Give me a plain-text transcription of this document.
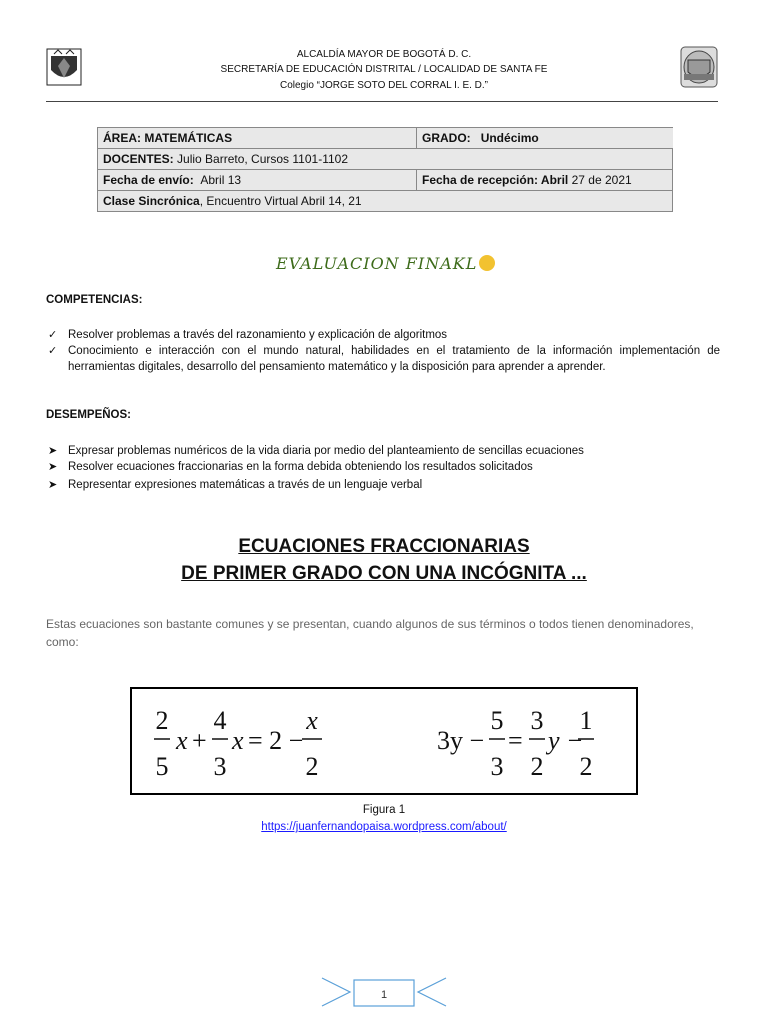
ALCALDÍA MAYOR DE BOGOTÁ D. C.
SECRETARÍA DE EDUCACIÓN DISTRITAL / LOCALIDAD DE SANTA FE
Colegio “JORGE SOTO DEL CORRAL I. E. D.”
ÁREA: MATEMÁTICAS	GRADO: Undécimo
DOCENTES: Julio Barreto, Cursos 1101-1102	
Fecha de envío: Abril 13	Fecha de recepción: Abril 27 de 2021
Clase Sincrónica, Encuentro Virtual Abril 14, 21	
EVALUACION FINAKL
COMPETENCIAS:
✓ Resolver problemas a través del razonamiento y explicación de algoritmos
✓ Conocimiento e interacción con el mundo natural, habilidades en el tratamiento de la información implementación de herramientas digitales, desarrollo del pensamiento matemático y la disposición para aprender a aprender.
DESEMPEÑOS:
➤ Expresar problemas numéricos de la vida diaria por medio del planteamiento de sencillas ecuaciones
➤ Resolver ecuaciones fraccionarias en la forma debida obteniendo los resultados solicitados
➤ Representar expresiones matemáticas a través de un lenguaje verbal
ECUACIONES FRACCIONARIAS
DE PRIMER GRADO CON UNA INCÓGNITA ...
Estas ecuaciones son bastante comunes y se presentan, cuando algunos de sus términos o todos tienen denominadores, como:
2
5
x +
4
3
x = 2 −
x
2
3y −
5
3
=
3
2
y −
1
2
Figura 1
https://juanfernandopaisa.wordpress.com/about/
1
